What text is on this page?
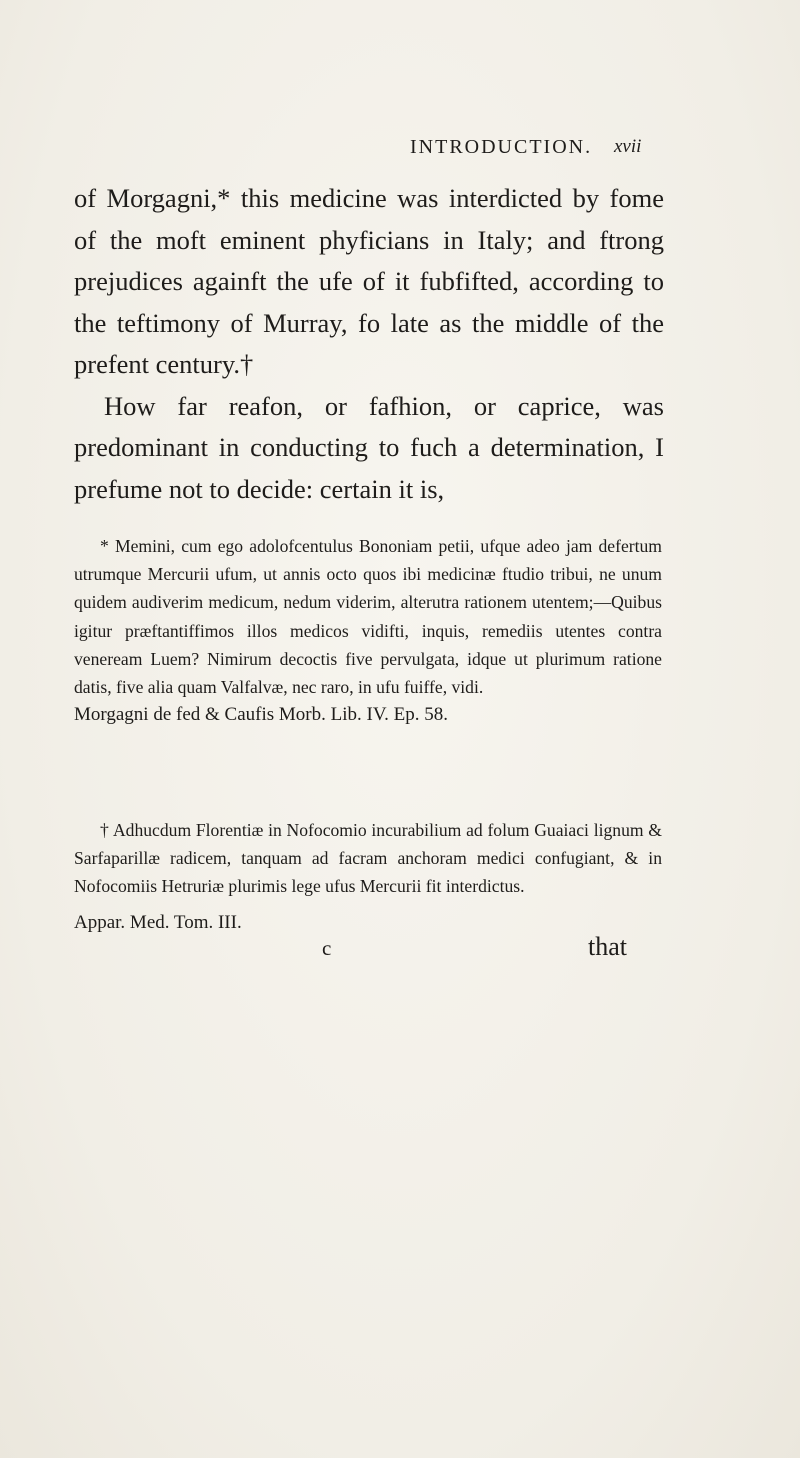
INTRODUCTION. xvii

of Morgagni,* this medicine was interdicted by fome of the moft eminent phyficians in Italy; and ftrong prejudices againft the ufe of it fubfifted, according to the teftimony of Murray, fo late as the middle of the prefent century.†

How far reafon, or fafhion, or caprice, was predominant in conducting to fuch a determination, I prefume not to decide: certain it is,

* Memini, cum ego adolofcentulus Bononiam petii, ufque adeo jam defertum utrumque Mercurii ufum, ut annis octo quos ibi medicinæ ftudio tribui, ne unum quidem audiverim medicum, nedum viderim, alterutra rationem utentem;—Quibus igitur præftantiffimos illos medicos vidifti, inquis, remediis utentes contra venеream Luem? Nimirum decoctis five pervulgata, idque ut plurimum ratione datis, five alia quam Valfalvæ, nec raro, in ufu fuiffe, vidi.

Morgagni de fed & Caufis Morb. Lib. IV. Ep. 58.

† Adhucdum Florentiæ in Nofocomio incurabilium ad folum Guaiaci lignum & Sarfaparillæ radicem, tanquam ad facram anchoram medici confugiant, & in Nofocomiis Hetruriæ plurimis lege ufus Mercurii fit interdictus.

Appar. Med. Tom. III.

c	that
